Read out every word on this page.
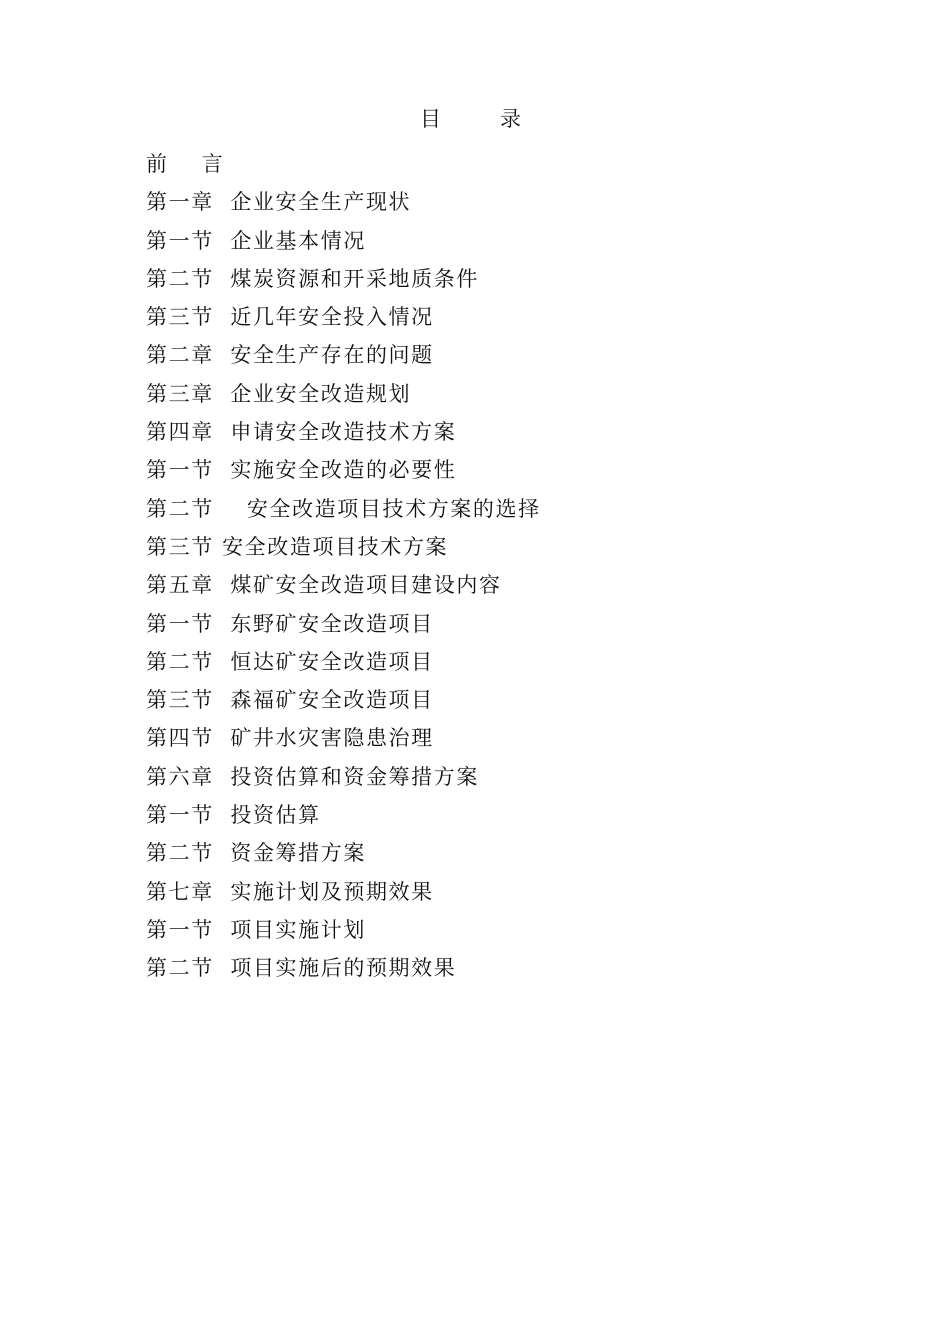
目	录
前    言
第一章  企业安全生产现状
第一节  企业基本情况
第二节  煤炭资源和开采地质条件
第三节  近几年安全投入情况
第二章  安全生产存在的问题
第三章  企业安全改造规划
第四章  申请安全改造技术方案
第一节  实施安全改造的必要性
第二节    安全改造项目技术方案的选择
第三节 安全改造项目技术方案
第五章  煤矿安全改造项目建设内容
第一节  东野矿安全改造项目
第二节  恒达矿安全改造项目
第三节  森福矿安全改造项目
第四节  矿井水灾害隐患治理
第六章  投资估算和资金筹措方案
第一节  投资估算
第二节  资金筹措方案
第七章  实施计划及预期效果
第一节  项目实施计划
第二节  项目实施后的预期效果
